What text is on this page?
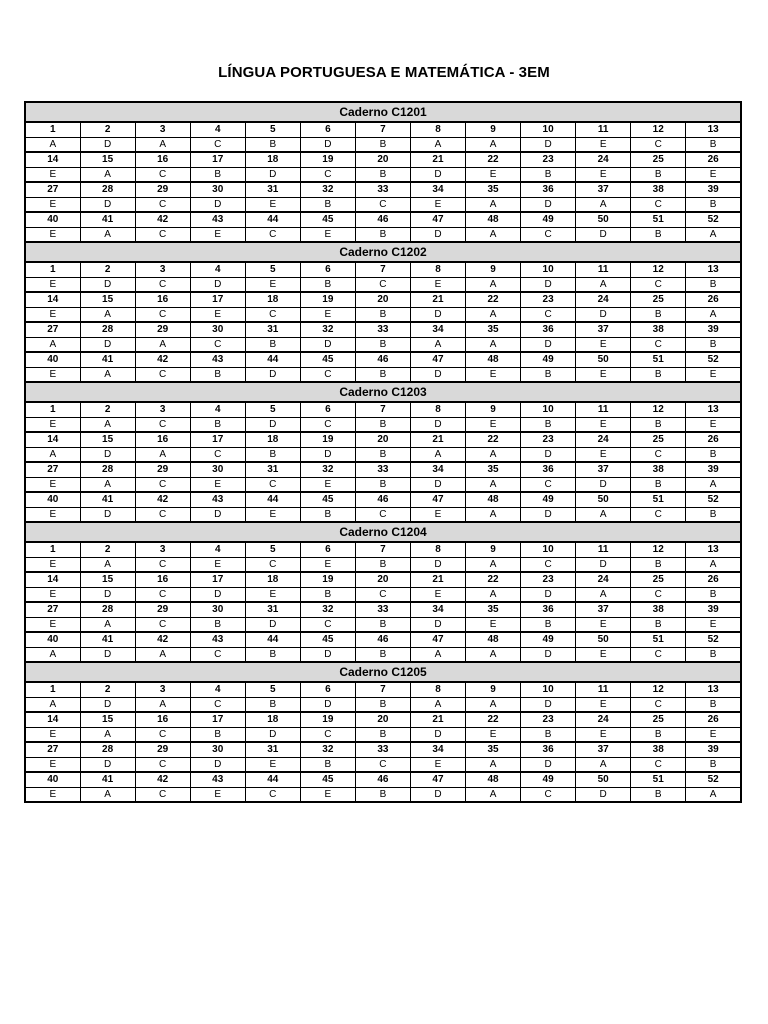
LÍNGUA PORTUGUESA E MATEMÁTICA - 3EM
Caderno C1201												
1	2	3	4	5	6	7	8	9	10	11	12	13
A	D	A	C	B	D	B	A	A	D	E	C	B
14	15	16	17	18	19	20	21	22	23	24	25	26
E	A	C	B	D	C	B	D	E	B	E	B	E
27	28	29	30	31	32	33	34	35	36	37	38	39
E	D	C	D	E	B	C	E	A	D	A	C	B
40	41	42	43	44	45	46	47	48	49	50	51	52
E	A	C	E	C	E	B	D	A	C	D	B	A
Caderno C1202												
1	2	3	4	5	6	7	8	9	10	11	12	13
E	D	C	D	E	B	C	E	A	D	A	C	B
14	15	16	17	18	19	20	21	22	23	24	25	26
E	A	C	E	C	E	B	D	A	C	D	B	A
27	28	29	30	31	32	33	34	35	36	37	38	39
A	D	A	C	B	D	B	A	A	D	E	C	B
40	41	42	43	44	45	46	47	48	49	50	51	52
E	A	C	B	D	C	B	D	E	B	E	B	E
Caderno C1203												
1	2	3	4	5	6	7	8	9	10	11	12	13
E	A	C	B	D	C	B	D	E	B	E	B	E
14	15	16	17	18	19	20	21	22	23	24	25	26
A	D	A	C	B	D	B	A	A	D	E	C	B
27	28	29	30	31	32	33	34	35	36	37	38	39
E	A	C	E	C	E	B	D	A	C	D	B	A
40	41	42	43	44	45	46	47	48	49	50	51	52
E	D	C	D	E	B	C	E	A	D	A	C	B
Caderno C1204												
1	2	3	4	5	6	7	8	9	10	11	12	13
E	A	C	E	C	E	B	D	A	C	D	B	A
14	15	16	17	18	19	20	21	22	23	24	25	26
E	D	C	D	E	B	C	E	A	D	A	C	B
27	28	29	30	31	32	33	34	35	36	37	38	39
E	A	C	B	D	C	B	D	E	B	E	B	E
40	41	42	43	44	45	46	47	48	49	50	51	52
A	D	A	C	B	D	B	A	A	D	E	C	B
Caderno C1205												
1	2	3	4	5	6	7	8	9	10	11	12	13
A	D	A	C	B	D	B	A	A	D	E	C	B
14	15	16	17	18	19	20	21	22	23	24	25	26
E	A	C	B	D	C	B	D	E	B	E	B	E
27	28	29	30	31	32	33	34	35	36	37	38	39
E	D	C	D	E	B	C	E	A	D	A	C	B
40	41	42	43	44	45	46	47	48	49	50	51	52
E	A	C	E	C	E	B	D	A	C	D	B	A
